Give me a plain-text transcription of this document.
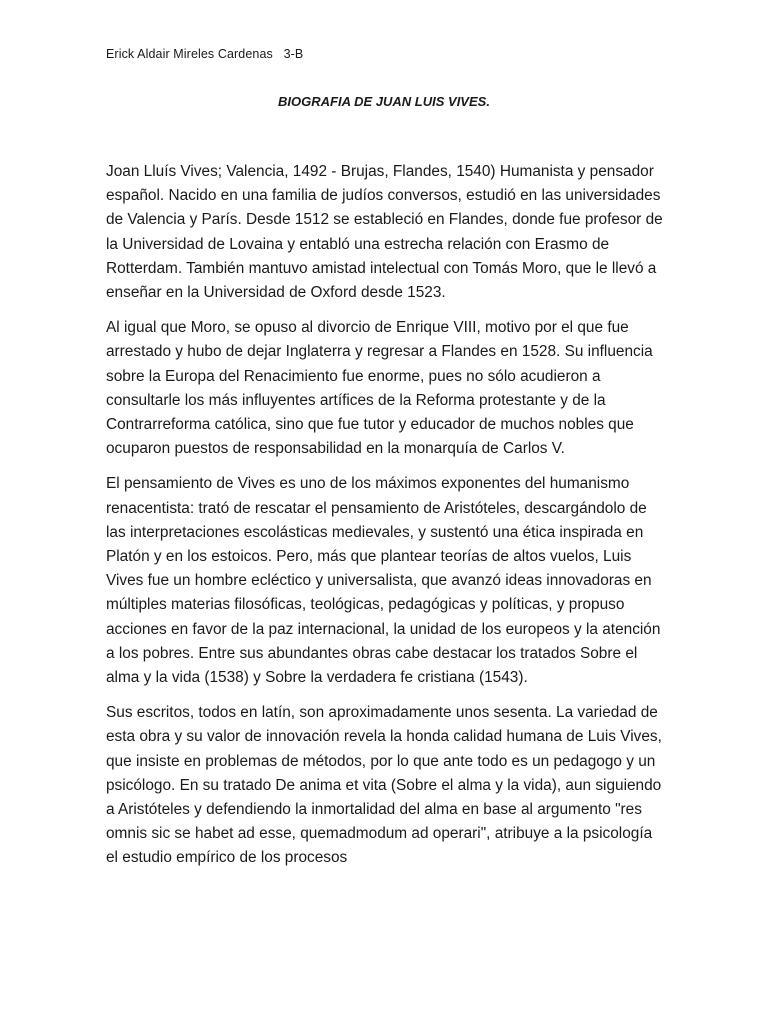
Erick Aldair Mireles Cardenas   3-B
BIOGRAFIA DE JUAN LUIS VIVES.

Joan Lluís Vives; Valencia, 1492 - Brujas, Flandes, 1540) Humanista y pensador español. Nacido en una familia de judíos conversos, estudió en las universidades de Valencia y París. Desde 1512 se estableció en Flandes, donde fue profesor de la Universidad de Lovaina y entabló una estrecha relación con Erasmo de Rotterdam. También mantuvo amistad intelectual con Tomás Moro, que le llevó a enseñar en la Universidad de Oxford desde 1523.

Al igual que Moro, se opuso al divorcio de Enrique VIII, motivo por el que fue arrestado y hubo de dejar Inglaterra y regresar a Flandes en 1528. Su influencia sobre la Europa del Renacimiento fue enorme, pues no sólo acudieron a consultarle los más influyentes artífices de la Reforma protestante y de la Contrarreforma católica, sino que fue tutor y educador de muchos nobles que ocuparon puestos de responsabilidad en la monarquía de Carlos V.

El pensamiento de Vives es uno de los máximos exponentes del humanismo renacentista: trató de rescatar el pensamiento de Aristóteles, descargándolo de las interpretaciones escolásticas medievales, y sustentó una ética inspirada en Platón y en los estoicos. Pero, más que plantear teorías de altos vuelos, Luis Vives fue un hombre ecléctico y universalista, que avanzó ideas innovadoras en múltiples materias filosóficas, teológicas, pedagógicas y políticas, y propuso acciones en favor de la paz internacional, la unidad de los europeos y la atención a los pobres. Entre sus abundantes obras cabe destacar los tratados Sobre el alma y la vida (1538) y Sobre la verdadera fe cristiana (1543).

Sus escritos, todos en latín, son aproximadamente unos sesenta. La variedad de esta obra y su valor de innovación revela la honda calidad humana de Luis Vives, que insiste en problemas de métodos, por lo que ante todo es un pedagogo y un psicólogo. En su tratado De anima et vita (Sobre el alma y la vida), aun siguiendo a Aristóteles y defendiendo la inmortalidad del alma en base al argumento "res omnis sic se habet ad esse, quemadmodum ad operari", atribuye a la psicología el estudio empírico de los procesos
